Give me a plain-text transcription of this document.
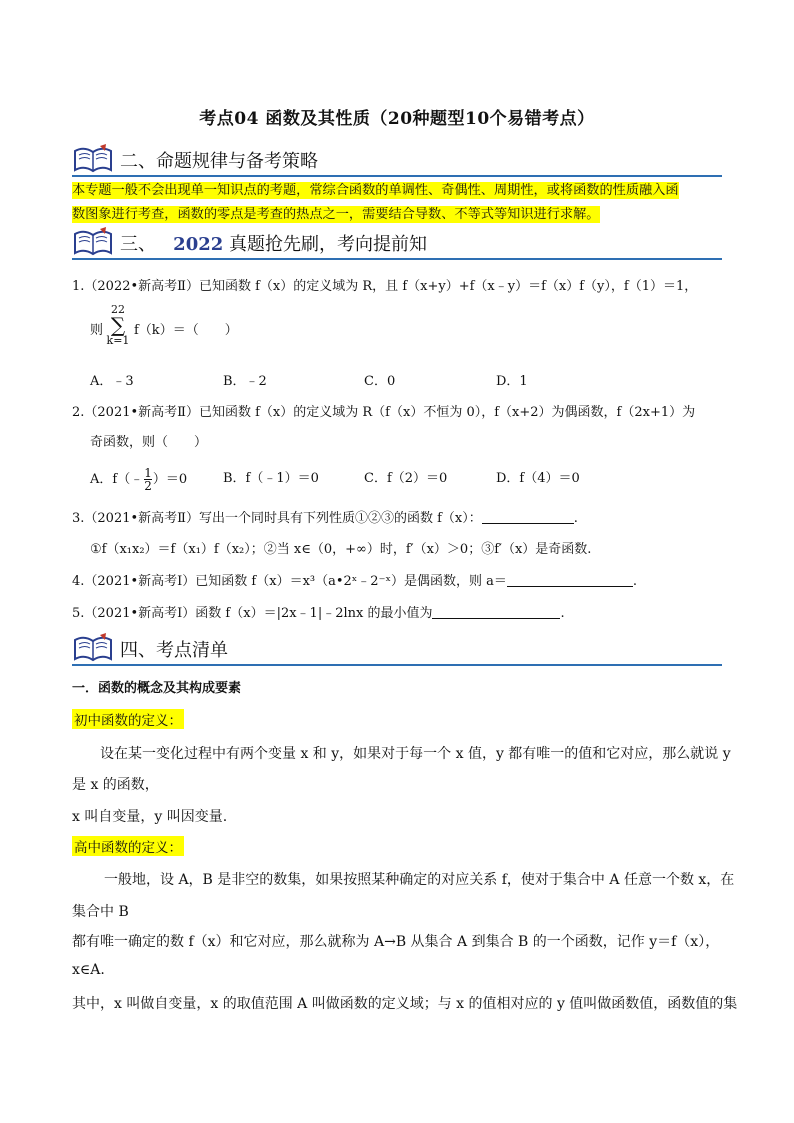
考点04 函数及其性质（20种题型10个易错考点）
二、命题规律与备考策略
本专题一般不会出现单一知识点的考题，常综合函数的单调性、奇偶性、周期性，或将函数的性质融入函
数图象进行考查，函数的零点是考查的热点之一，需要结合导数、不等式等知识进行求解。
三、 2022 真题抢先刷，考向提前知
1.（2022•新高考Ⅱ）已知函数 f（x）的定义域为 R，且 f（x+y）+f（x﹣y）＝f（x）f（y），f（1）＝1，
则
22
∑
k=1
f（k）＝（　　）
A．﹣3	B．﹣2	C．0	D．1
2.（2021•新高考Ⅱ）已知函数 f（x）的定义域为 R（f（x）不恒为 0），f（x+2）为偶函数，f（2x+1）为
奇函数，则（　　）
A．f（﹣ $\frac{1}{2} )=0$	B．f（﹣1）＝0	C．f（2）＝0	D．f（4）＝0
3.（2021•新高考Ⅱ）写出一个同时具有下列性质①②③的函数 f（x）：	.
①f（x₁x₂）＝f（x₁）f（x₂）；②当 x∈（0，+∞）时，f′（x）＞0；③f′（x）是奇函数.
4.（2021•新高考Ⅰ）已知函数 f（x）＝x³（a•2ˣ﹣2⁻ˣ）是偶函数，则 a＝	.
5.（2021•新高考Ⅰ）函数 f（x）＝|2x﹣1|﹣2lnx 的最小值为	.
四、考点清单
一．函数的概念及其构成要素
初中函数的定义：
设在某一变化过程中有两个变量 x 和 y，如果对于每一个 x 值，y 都有唯一的值和它对应，那么就说 y
是 x 的函数，
x 叫自变量，y 叫因变量.
高中函数的定义：
一般地，设 A，B 是非空的数集，如果按照某种确定的对应关系 f，使对于集合中 A 任意一个数 x，在
集合中 B
都有唯一确定的数 f（x）和它对应，那么就称为 A→B 从集合 A 到集合 B 的一个函数，记作 y＝f（x），
x∈A.
其中，x 叫做自变量，x 的取值范围 A 叫做函数的定义域；与 x 的值相对应的 y 值叫做函数值，函数值的集
